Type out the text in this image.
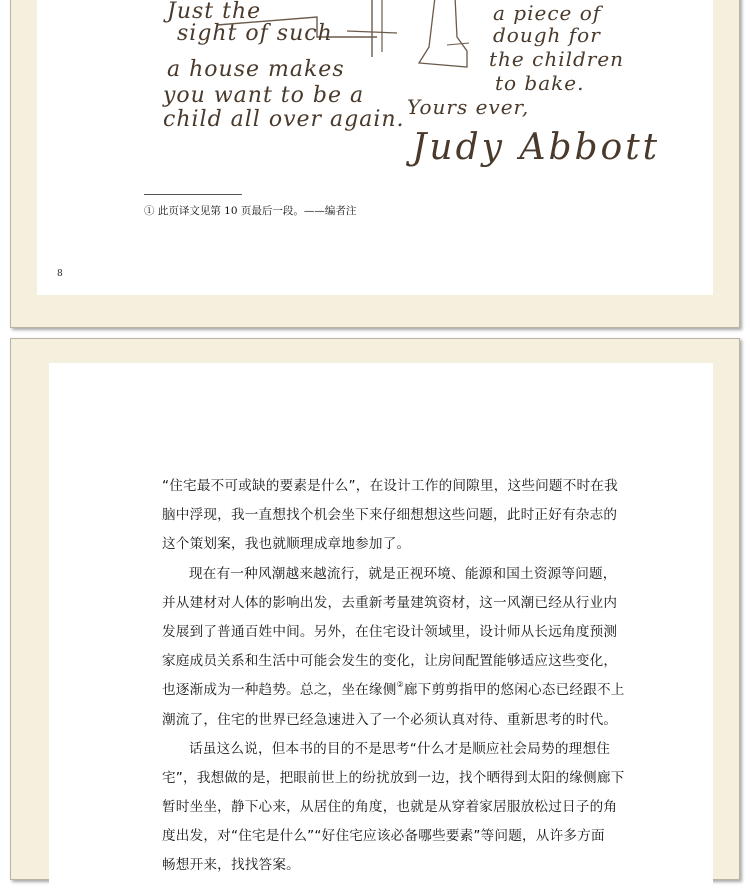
Just the
sight of such
a house makes
you want to be a
child all over again.
a piece of
dough for
the children
to bake.
Yours ever,
Judy Abbott
① 此页译文见第 10 页最后一段。——编者注
8
“住宅最不可或缺的要素是什么”，在设计工作的间隙里，这些问题不时在我
脑中浮现，我一直想找个机会坐下来仔细想想这些问题，此时正好有杂志的
这个策划案，我也就顺理成章地参加了。
现在有一种风潮越来越流行，就是正视环境、能源和国土资源等问题，
并从建材对人体的影响出发，去重新考量建筑资材，这一风潮已经从行业内
发展到了普通百姓中间。另外，在住宅设计领域里，设计师从长远角度预测
家庭成员关系和生活中可能会发生的变化，让房间配置能够适应这些变化，
也逐渐成为一种趋势。总之，坐在缘侧②廊下剪剪指甲的悠闲心态已经跟不上
潮流了，住宅的世界已经急速进入了一个必须认真对待、重新思考的时代。
话虽这么说，但本书的目的不是思考“什么才是顺应社会局势的理想住
宅”，我想做的是，把眼前世上的纷扰放到一边，找个晒得到太阳的缘侧廊下
暂时坐坐，静下心来，从居住的角度，也就是从穿着家居服放松过日子的角
度出发，对“住宅是什么”“好住宅应该必备哪些要素”等问题，从许多方面
畅想开来，找找答案。
